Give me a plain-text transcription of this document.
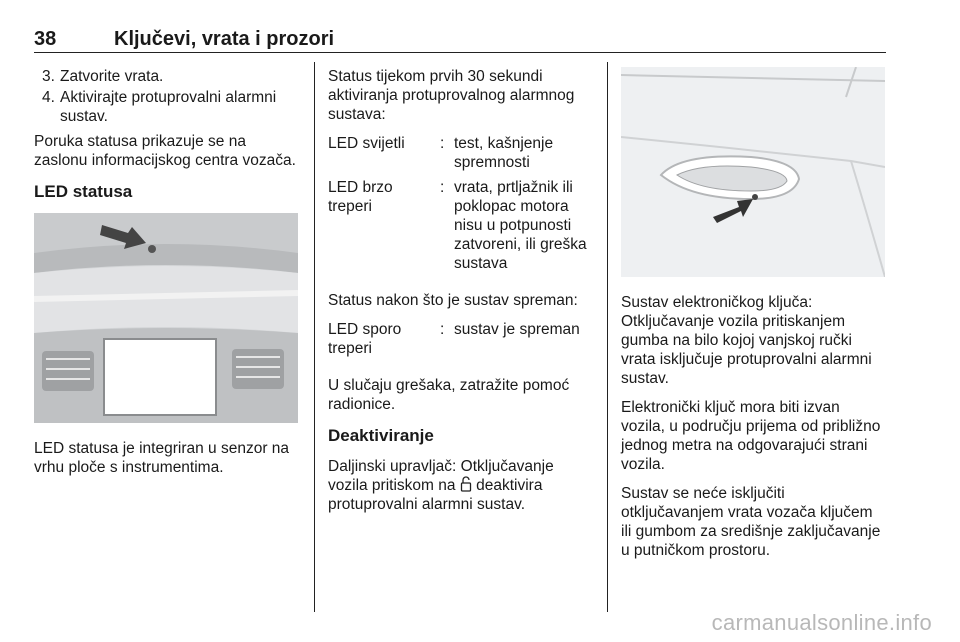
38	Ključevi, vrata i prozori
3. Zatvorite vrata.
4. Aktivirajte protuprovalni alarmni sustav.

Poruka statusa prikazuje se na zaslonu informacijskog centra vozača.

LED statusa

LED statusa je integriran u senzor na vrhu ploče s instrumentima.

Status tijekom prvih 30 sekundi aktiviranja protuprovalnog alarmnog sustava:

LED svijetli	:	test, kašnjenje spremnosti
LED brzo treperi	:	vrata, prtljažnik ili poklopac motora nisu u potpunosti zatvoreni, ili greška sustava

Status nakon što je sustav spreman:

LED sporo treperi	:	sustav je spreman

U slučaju grešaka, zatražite pomoć radionice.

Deaktiviranje

Daljinski upravljač: Otključavanje vozila pritiskom na deaktivira protuprovalni alarmni sustav.

Sustav elektroničkog ključa: Otključavanje vozila pritiskanjem gumba na bilo kojoj vanjskoj ručki vrata isključuje protuprovalni alarmni sustav.

Elektronički ključ mora biti izvan vozila, u području prijema od približno jednog metra na odgovarajući strani vozila.

Sustav se neće isključiti otključavanjem vrata vozača ključem ili gumbom za središnje zaključavanje u putničkom prostoru.

carmanualsonline.info
